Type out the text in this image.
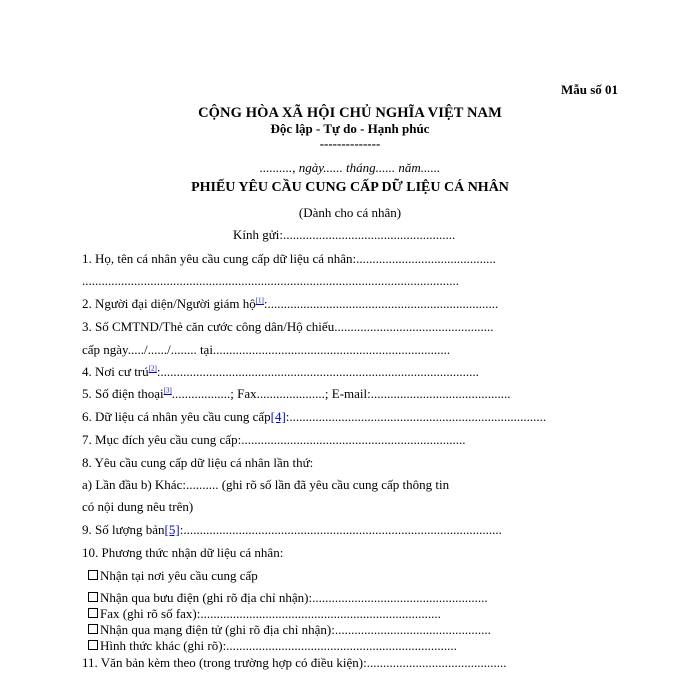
Mẫu số 01
CỘNG HÒA XÃ HỘI CHỦ NGHĨA VIỆT NAM
Độc lập - Tự do - Hạnh phúc
--------------
.........., ngày...... tháng...... năm......
PHIẾU YÊU CẦU CUNG CẤP DỮ LIỆU CÁ NHÂN
(Dành cho cá nhân)
Kính gửi:.....................................................
1. Họ, tên cá nhân yêu cầu cung cấp dữ liệu cá nhân:...........................................
....................................................................................................................
2. Người đại diện/Người giám hộ[1]:.......................................................................
3. Số CMTND/Thẻ căn cước công dân/Hộ chiếu.................................................
cấp ngày...../....../........ tại.........................................................................
4. Nơi cư trú[2]:..................................................................................................
5. Số điện thoại[3]..................; Fax.....................; E-mail:...........................................
6. Dữ liệu cá nhân yêu cầu cung cấp[4]:...............................................................................
7. Mục đích yêu cầu cung cấp:.....................................................................
8. Yêu cầu cung cấp dữ liệu cá nhân lần thứ:
a) Lần đầu b) Khác:.......... (ghi rõ số lần đã yêu cầu cung cấp thông tin
có nội dung nêu trên)
9. Số lượng bản[5]:..................................................................................................
10. Phương thức nhận dữ liệu cá nhân:
Nhận tại nơi yêu cầu cung cấp
Nhận qua bưu điện (ghi rõ địa chỉ nhận):......................................................
Fax (ghi rõ số fax):..........................................................................
Nhận qua mạng điện tử (ghi rõ địa chỉ nhận):................................................
Hình thức khác (ghi rõ):.......................................................................
11. Văn bản kèm theo (trong trường hợp có điều kiện):...........................................
